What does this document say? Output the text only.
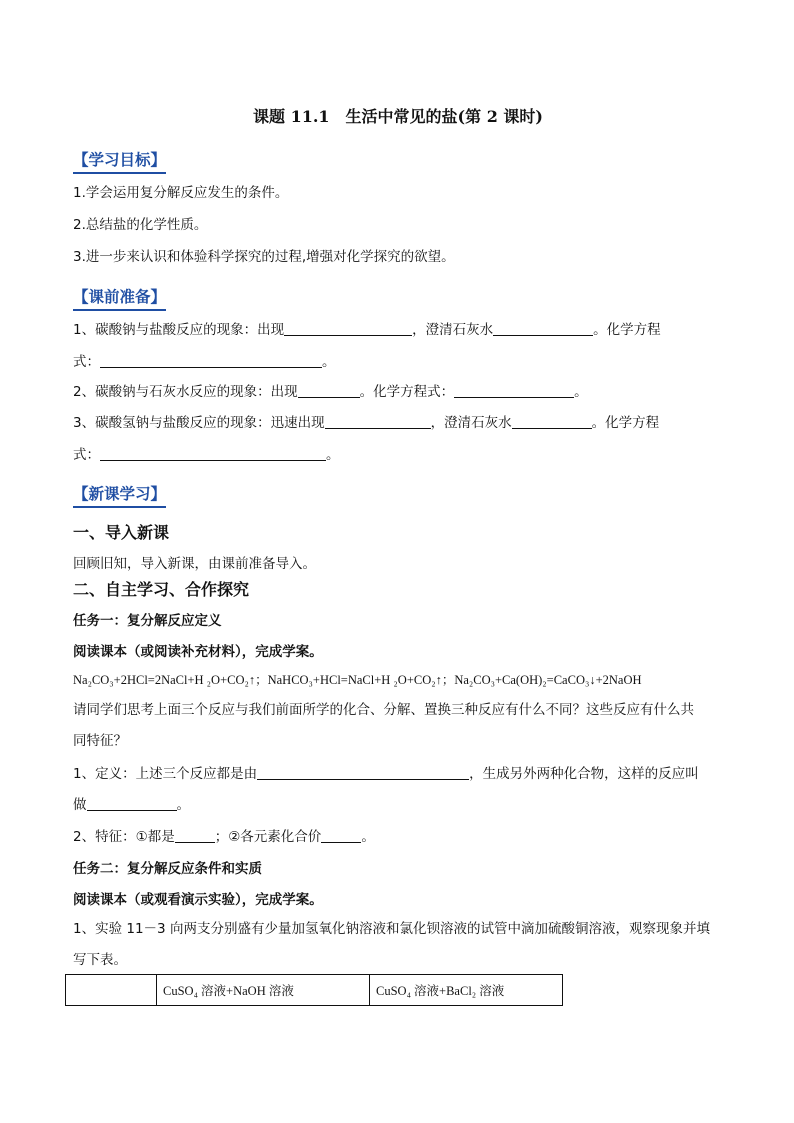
课题 11.1　生活中常见的盐(第 2 课时)
【学习目标】
1.学会运用复分解反应发生的条件。
2.总结盐的化学性质。
3.进一步来认识和体验科学探究的过程,增强对化学探究的欲望。
【课前准备】
1、碳酸钠与盐酸反应的现象：出现	，澄清石灰水	。化学方程
式：	。
2、碳酸钠与石灰水反应的现象：出现	。化学方程式：	。
3、碳酸氢钠与盐酸反应的现象：迅速出现	，澄清石灰水	。化学方程
式：	。
【新课学习】
一、导入新课
回顾旧知，导入新课，由课前准备导入。
二、自主学习、合作探究
任务一：复分解反应定义
阅读课本（或阅读补充材料），完成学案。
Na₂CO₃+2HCl=2NaCl+H ₂O+CO₂↑；NaHCO₃+HCl=NaCl+H ₂O+CO₂↑；Na₂CO₃+Ca(OH)₂=CaCO₃↓+2NaOH
请同学们思考上面三个反应与我们前面所学的化合、分解、置换三种反应有什么不同？这些反应有什么共
同特征？
1、定义：上述三个反应都是由	，生成另外两种化合物，这样的反应叫
做	。
2、特征：①都是	；②各元素化合价	。
任务二：复分解反应条件和实质
阅读课本（或观看演示实验），完成学案。
1、实验 11－3 向两支分别盛有少量加氢氧化钠溶液和氯化钡溶液的试管中滴加硫酸铜溶液，观察现象并填
写下表。
	CuSO₄ 溶液+NaOH 溶液	CuSO₄ 溶液+BaCl₂ 溶液
